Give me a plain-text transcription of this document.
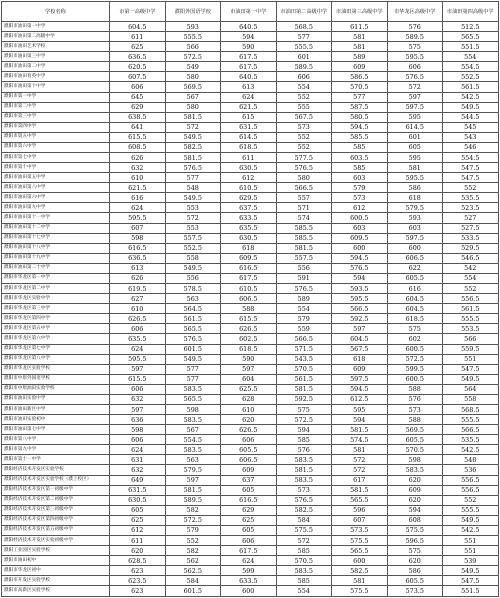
学校名称	市第一高级中学	濮阳外国语学校	市油田第一中学	市油田第二高级中学	市油田第三高级中学	市华龙区高级中学	市油田第四高级中学
濮阳市油田第一中学	604.5	593	640.5	568.5	611.5	576	512.5
濮阳市油田第二高级中学	611	555.5	594	577	581	589.5	565.5
濮阳市油田艺术学校	625	566	590	555.5	581	575	551.5
濮阳市油田第三中学	636.5	572.5	617.5	601	589	595.5	554
濮阳市油田第二中学	620.5	549	617.5	589.5	609	606	554.5
濮阳市油田育英中学	607.5	580	640.5	606	586.5	576.5	552.5
濮阳市油田第十中学	606	569.5	613	554	570.5	572	561.5
濮阳市第一中学	645	567	624	552	577	597	542.5
濮阳市第二中学	629	580	621.5	555	587.5	597.5	549.5
濮阳市第三中学	638.5	581.5	615	567.5	580.5	595	544.5
濮阳市第四中学	641	572	631.5	573	594.5	614.5	545
濮阳市第五中学	615.5	549.5	614.5	552	585.5	601	543
濮阳市第六中学	608.5	582.5	618.5	552	585	605	546
濮阳市第七中学	626	581.5	611	577.5	603.5	595	554.5
濮阳市第十中学	632	576.5	630.5	576.5	585	581	547.5
濮阳市油田第五中学	610	577	612	580	603	595.5	547.5
濮阳市油田第八中学	621.5	548	610.5	566.5	579	586	552
濮阳市油田第六中学	616	549.5	629.5	557	573	618	535.5
濮阳市油田第九中学	624	553	637.5	571	612	579.5	523.5
濮阳市油田第十一中学	595.5	572	633.5	574	600.5	593	527
濮阳市油田第十二中学	607	553	635.5	585.5	603	603	527.5
濮阳市油田第十七中学	598	557.5	630.5	585.5	609.5	597.5	533.5
濮阳市油田第十八中学	616.5	552.5	618	581.5	600	600	529.5
濮阳市油田第十九中学	636.5	558	609.5	557.5	594.5	606.5	546.5
濮阳市油田第二十中学	613	549.5	616.5	556	576.5	622	542
濮阳市华龙区第一中学	626	556	617.5	591	594	605.5	554
濮阳市华龙区第二中学	619.5	578.5	610.5	576.5	593.5	616	552
濮阳市华龙区实验中学	627	563	606.5	589	595.5	604.5	556.5
濮阳市华龙区第三中学	610	564.5	588	554	566.5	604.5	561.5
濮阳市华龙区第四中学	626.5	561.5	615.5	579	592.5	618.5	555.5
濮阳市华龙区第五中学	606	565.5	626.5	559	597	575	553.5
濮阳市华龙区第六中学	635.5	576.5	602.5	566.5	604.5	602	566
濮阳市华龙区第七中学	624	601.5	618.5	571.5	567.5	600.5	559.5
濮阳市华龙区第八中学	595.5	549.5	590	543.5	618	572.5	551
濮阳市华龙区实验学校	597	577	597	570.5	609	599.5	547.5
濮阳市中原外国语学校	615.5	577	604	561.5	597.5	600.5	549.5
濮阳市中原油田实验学校	606	583.5	625.5	581.5	594.5	588	564
濮阳市油田实验中学	632	565.5	628	592.5	612.5	576	558
濮阳市油田新区中学	597	598	610	575	595	573	568.5
濮阳市油田实验初中	636	583.5	620	572.5	594	588	555.5
濮阳市油田第七中学	598	567	626.5	594	581.5	569.5	566.5
濮阳市第八中学	606	554.5	606	585	574.5	605.5	535.5
濮阳市第九中学	624	583.5	605.5	576	581	570.5	542.5
濮阳市第十一中学	631	563	606.5	583.5	572	598	548
濮阳经济技术开发区实验学校	632	579.5	609	581.5	572	583.5	536
濮阳经济技术开发区实验学校（濮上校区）	649	597	637	583.5	617	620	556.5
濮阳经济技术开发区第一初级中学	631.5	581.5	605	573	581.5	609	556.5
濮阳经济技术开发区第二初级中学	630.5	589.5	616.5	576.5	565.5	620	552
濮阳经济技术开发区第三初级中学	605	582	629	582.5	596	594	555.5
濮阳经济技术开发区第四初级中学	625	572.5	625	584	607	608	549.5
濮阳经济技术开发区第五初级中学	612	579	605	575.5	573.5	575.5	542.5
濮阳经济技术开发区实验初级中学	611	552	606	572	575.5	596.5	551
濮阳工业园区实验学校	620	582	617.5	585	565.5	575	551
濮阳市油田初中	628.5	562	624	570.5	600	620	539
濮阳市华龙区初中	623	562.5	599	583.5	582.5	586	549.5
濮阳市开发区实验学校	623.5	584	633.5	585	581	605.5	547.5
濮阳市高新区实验学校	623	601.5	600	554	575.5	573.5	551.5
